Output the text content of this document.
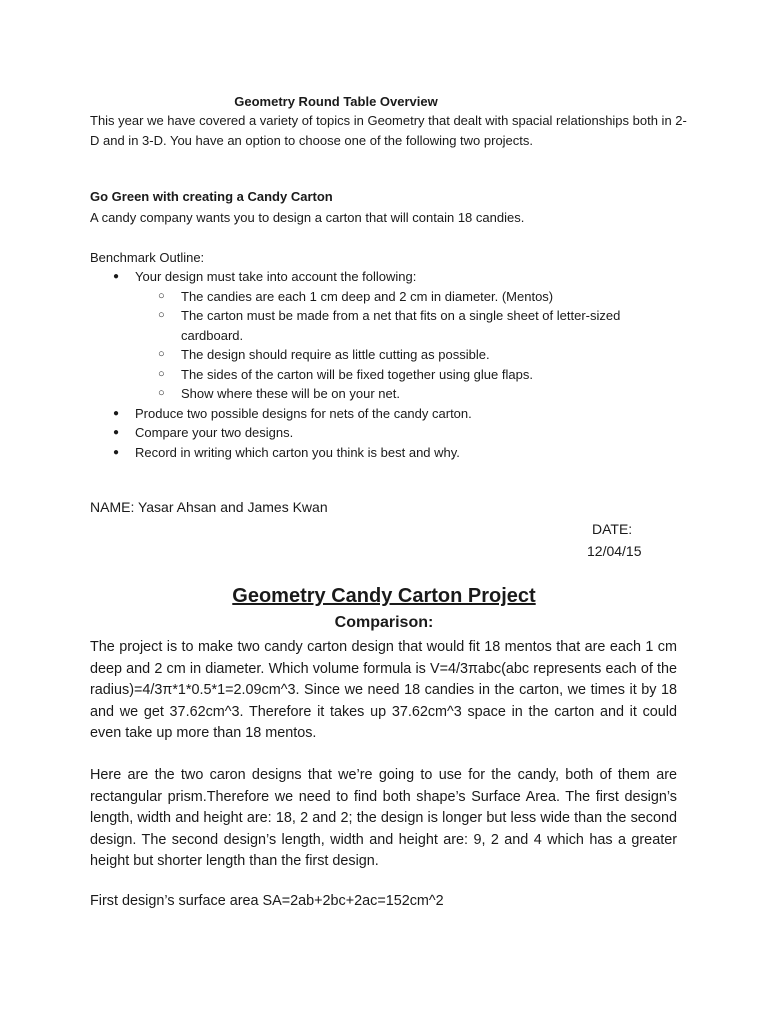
Geometry Round Table Overview
This year we have covered a variety of topics in Geometry that dealt with spacial relationships both in 2-D and in 3-D. You have an option to choose one of the following two projects.
Go Green with creating a Candy Carton
A candy company wants you to design a carton that will contain 18 candies.
Benchmark Outline:
● Your design must take into account the following:
○ The candies are each 1 cm deep and 2 cm in diameter. (Mentos)
○ The carton must be made from a net that fits on a single sheet of letter-sized cardboard.
○ The design should require as little cutting as possible.
○ The sides of the carton will be fixed together using glue flaps.
○ Show where these will be on your net.
● Produce two possible designs for nets of the candy carton.
● Compare your two designs.
● Record in writing which carton you think is best and why.
NAME: Yasar Ahsan and James Kwan
DATE:
12/04/15
Geometry Candy Carton Project
Comparison:
The project is to make two candy carton design that would fit 18 mentos that are each 1 cm deep and 2 cm in diameter. Which volume formula is V=4/3πabc(abc represents each of the radius)=4/3π*1*0.5*1=2.09cm^3. Since we need 18 candies in the carton, we times it by 18 and we get 37.62cm^3. Therefore it takes up 37.62cm^3 space in the carton and it could even take up more than 18 mentos.
Here are the two caron designs that we’re going to use for the candy, both of them are rectangular prism.Therefore we need to find both shape’s Surface Area. The first design’s length, width and height are: 18, 2 and 2; the design is longer but less wide than the second design. The second design’s length, width and height are: 9, 2 and 4 which has a greater height but shorter length than the first design.
First design’s surface area SA=2ab+2bc+2ac=152cm^2
